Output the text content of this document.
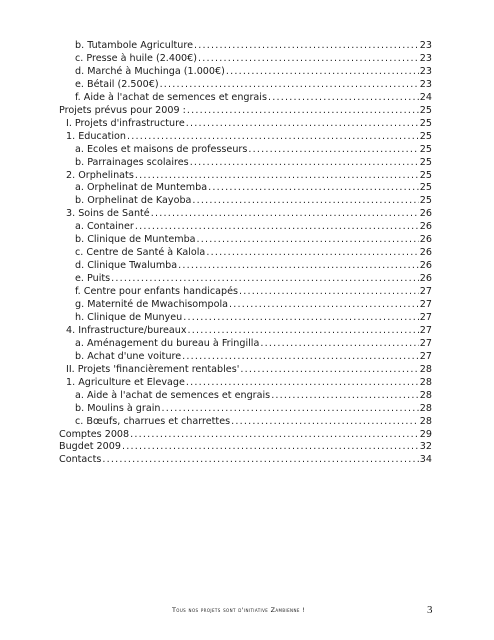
b. Tutambole Agriculture .....	23
c. Presse à huile (2.400€) .....	23
d. Marché à Muchinga (1.000€) .....	23
e. Bétail (2.500€) .....	23
f. Aide à l'achat de semences et engrais .....	24
Projets prévus pour 2009 : .....	25
I. Projets d'infrastructure .....	25
1. Education .....	25
a. Ecoles et maisons de professeurs .....	25
b. Parrainages scolaires .....	25
2. Orphelinats .....	25
a. Orphelinat de Muntemba .....	25
b. Orphelinat de Kayoba .....	25
3. Soins de Santé .....	26
a. Container .....	26
b. Clinique de Muntemba .....	26
c. Centre de Santé à Kalola .....	26
d. Clinique Twalumba .....	26
e. Puits .....	26
f. Centre pour enfants handicapés .....	27
g. Maternité de Mwachisompola .....	27
h. Clinique de Munyeu .....	27
4. Infrastructure/bureaux .....	27
a. Aménagement du bureau à Fringilla .....	27
b. Achat d'une voiture .....	27
II. Projets 'financièrement rentables' .....	28
1. Agriculture et Elevage .....	28
a. Aide à l'achat de semences et engrais .....	28
b. Moulins à grain .....	28
c. Bœufs, charrues et charrettes .....	28
Comptes 2008 .....	29
Bugdet 2009 .....	32
Contacts .....	34
Tous nos projets sont d'initiative Zambienne !	3
